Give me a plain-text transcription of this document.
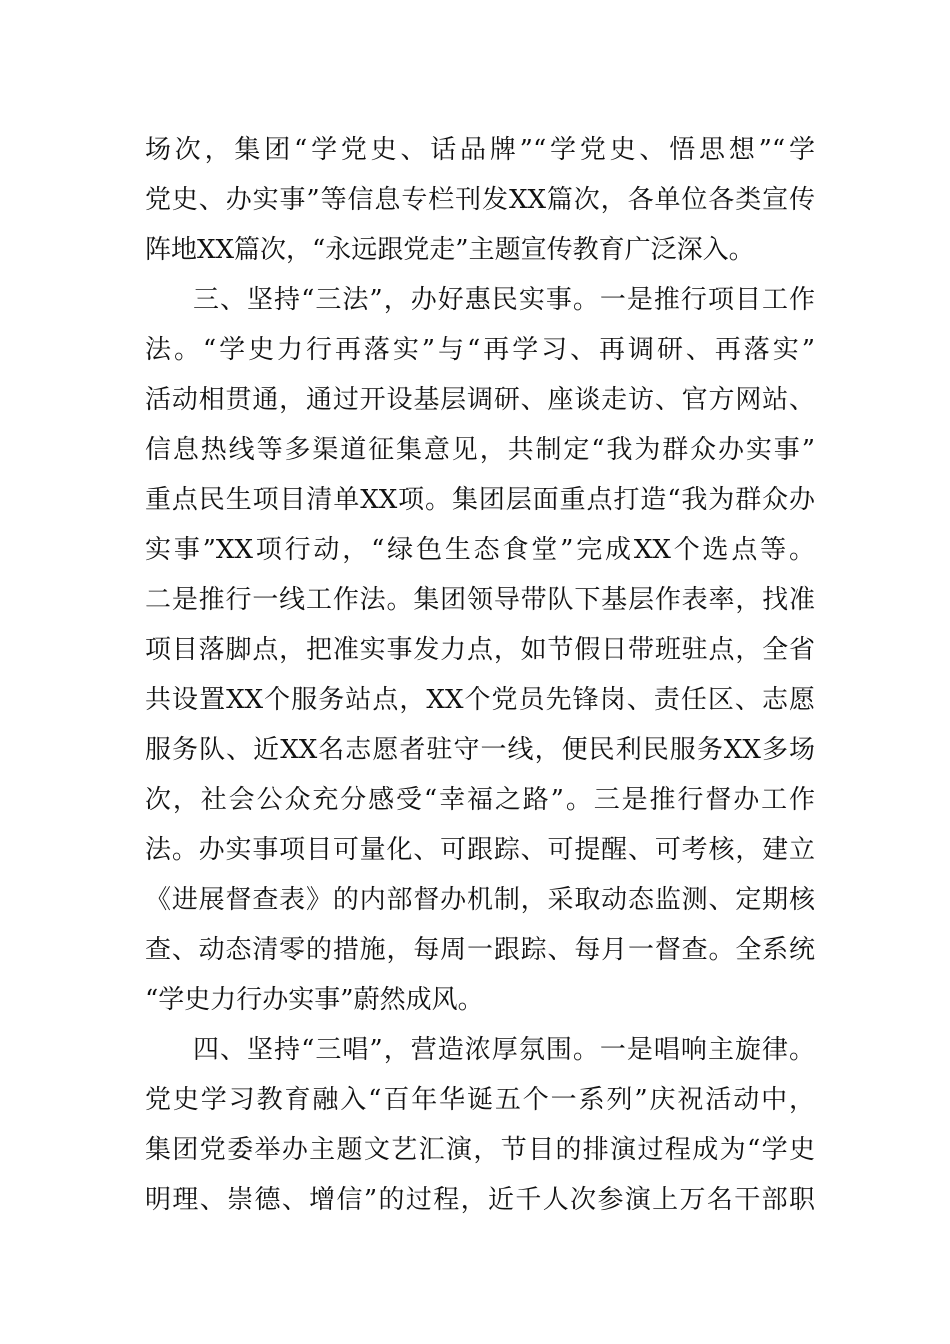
场次，集团“学党史、话品牌”“学党史、悟思想”“学
党史、办实事”等信息专栏刊发XX篇次，各单位各类宣传
阵地XX篇次，“永远跟党走”主题宣传教育广泛深入。
三、坚持“三法”，办好惠民实事。一是推行项目工作
法。“学史力行再落实”与“再学习、再调研、再落实”
活动相贯通，通过开设基层调研、座谈走访、官方网站、
信息热线等多渠道征集意见，共制定“我为群众办实事”
重点民生项目清单XX项。集团层面重点打造“我为群众办
实事”XX项行动，“绿色生态食堂”完成XX个选点等。
二是推行一线工作法。集团领导带队下基层作表率，找准
项目落脚点，把准实事发力点，如节假日带班驻点，全省
共设置XX个服务站点，XX个党员先锋岗、责任区、志愿
服务队、近XX名志愿者驻守一线，便民利民服务XX多场
次，社会公众充分感受“幸福之路”。三是推行督办工作
法。办实事项目可量化、可跟踪、可提醒、可考核，建立
《进展督查表》的内部督办机制，采取动态监测、定期核
查、动态清零的措施，每周一跟踪、每月一督查。全系统
“学史力行办实事”蔚然成风。
四、坚持“三唱”，营造浓厚氛围。一是唱响主旋律。
党史学习教育融入“百年华诞五个一系列”庆祝活动中，
集团党委举办主题文艺汇演，节目的排演过程成为“学史
明理、崇德、增信”的过程，近千人次参演上万名干部职
